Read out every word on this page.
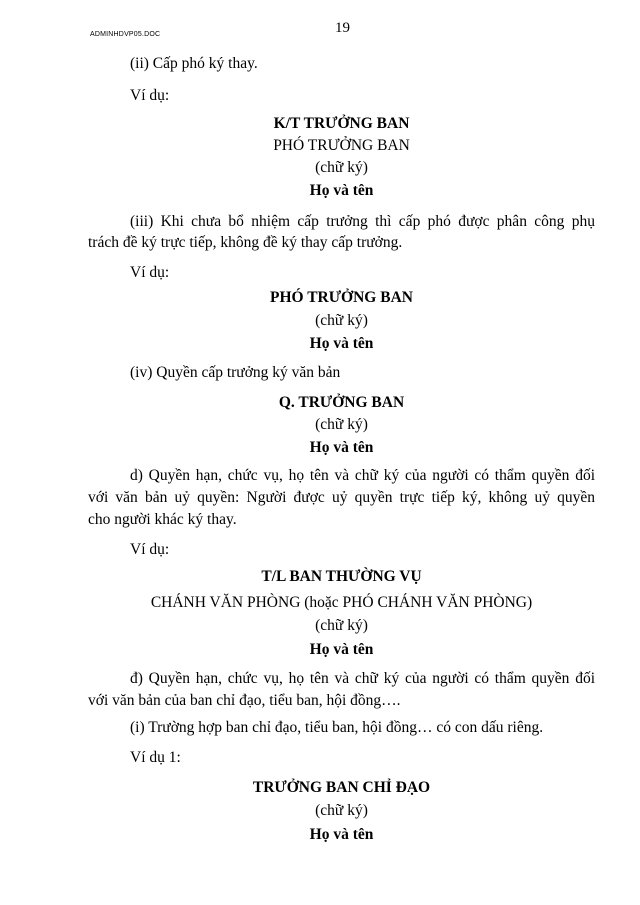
ADMINHDVP05.DOC	19
(ii) Cấp phó ký thay.
Ví dụ:
K/T TRƯỞNG BAN
PHÓ TRƯỞNG BAN
(chữ ký)
Họ và tên
(iii) Khi chưa bổ nhiệm cấp trưởng thì cấp phó được phân công phụ
trách đề ký trực tiếp, không đề ký thay cấp trưởng.
Ví dụ:
PHÓ TRƯỞNG BAN
(chữ ký)
Họ và tên
(iv) Quyền cấp trưởng ký văn bản
Q. TRƯỞNG BAN
(chữ ký)
Họ và tên
d) Quyền hạn, chức vụ, họ tên và chữ ký của người có thẩm quyền đối
với văn bản uỷ quyền: Người được uỷ quyền trực tiếp ký, không uỷ quyền
cho người khác ký thay.
Ví dụ:
T/L BAN THƯỜNG VỤ
CHÁNH VĂN PHÒNG (hoặc PHÓ CHÁNH VĂN PHÒNG)
(chữ ký)
Họ và tên
đ) Quyền hạn, chức vụ, họ tên và chữ ký của người có thẩm quyền đối
với văn bản của ban chỉ đạo, tiểu ban, hội đồng….
(i) Trường hợp ban chỉ đạo, tiểu ban, hội đồng… có con dấu riêng.
Ví dụ 1:
TRƯỞNG BAN CHỈ ĐẠO
(chữ ký)
Họ và tên
